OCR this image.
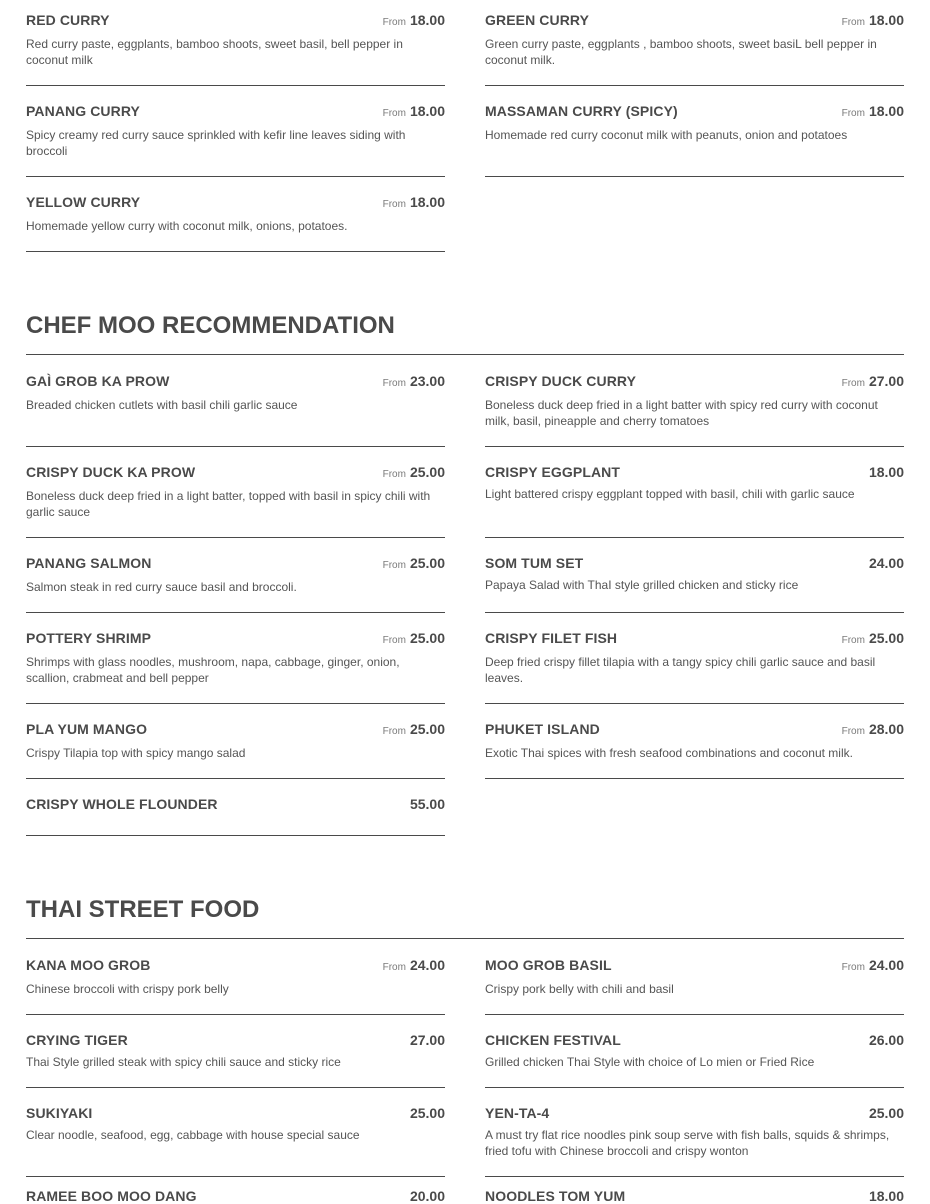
RED CURRY	From 18.00
Red curry paste, eggplants, bamboo shoots, sweet basil, bell pepper in coconut milk
GREEN CURRY	From 18.00
Green curry paste, eggplants , bamboo shoots, sweet basiL bell pepper in coconut milk.
PANANG CURRY	From 18.00
Spicy creamy red curry sauce sprinkled with kefir line leaves siding with broccoli
MASSAMAN CURRY (SPICY)	From 18.00
Homemade red curry coconut milk with peanuts, onion and potatoes
YELLOW CURRY	From 18.00
Homemade yellow curry with coconut milk, onions, potatoes.
CHEF MOO RECOMMENDATION
GAÌ GROB KA PROW	From 23.00
Breaded chicken cutlets with basil chili garlic sauce
CRISPY DUCK CURRY	From 27.00
Boneless duck deep fried in a light batter with spicy red curry with coconut milk, basil, pineapple and cherry tomatoes
CRISPY DUCK KA PROW	From 25.00
Boneless duck deep fried in a light batter, topped with basil in spicy chili with garlic sauce
CRISPY EGGPLANT	18.00
Light battered crispy eggplant topped with basil, chili with garlic sauce
PANANG SALMON	From 25.00
Salmon steak in red curry sauce basil and broccoli.
SOM TUM SET	24.00
Papaya Salad with ThaI style grilled chicken and sticky rice
POTTERY SHRIMP	From 25.00
Shrimps with glass noodles, mushroom, napa, cabbage, ginger, onion, scallion, crabmeat and bell pepper
CRISPY FILET FISH	From 25.00
Deep fried crispy fillet tilapia with a tangy spicy chili garlic sauce and basil leaves.
PLA YUM MANGO	From 25.00
Crispy Tilapia top with spicy mango salad
PHUKET ISLAND	From 28.00
Exotic Thai spices with fresh seafood combinations and coconut milk.
CRISPY WHOLE FLOUNDER	55.00
THAI STREET FOOD
KANA MOO GROB	From 24.00
Chinese broccoli with crispy pork belly
MOO GROB BASIL	From 24.00
Crispy pork belly with chili and basil
CRYING TIGER	27.00
Thai Style grilled steak with spicy chili sauce and sticky rice
CHICKEN FESTIVAL	26.00
Grilled chicken Thai Style with choice of Lo mien or Fried Rice
SUKIYAKI	25.00
Clear noodle, seafood, egg, cabbage with house special sauce
YEN-TA-4	25.00
A must try flat rice noodles pink soup serve with fish balls, squids & shrimps, fried tofu with Chinese broccoli and crispy wonton
RAMEE BOO MOO DANG	20.00	NOODLES TOM YUM	18.00
